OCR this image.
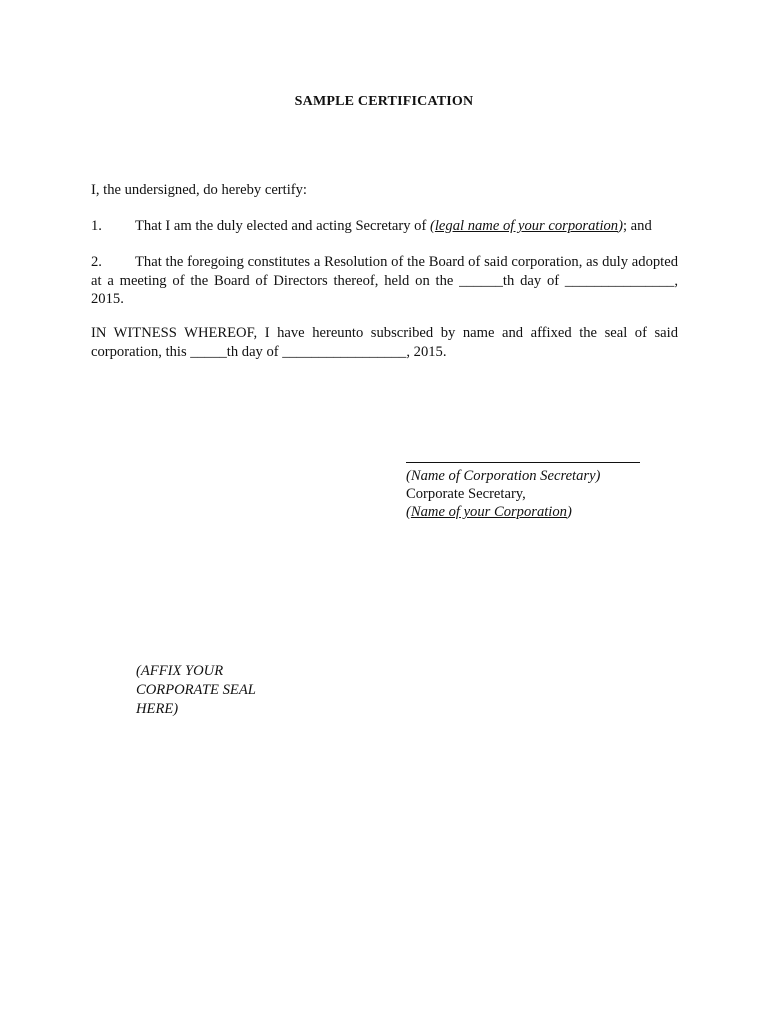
SAMPLE CERTIFICATION

I, the undersigned, do hereby certify:

1. That I am the duly elected and acting Secretary of (legal name of your corporation); and

2. That the foregoing constitutes a Resolution of the Board of said corporation, as duly adopted at a meeting of the Board of Directors thereof, held on the ______th day of _______________, 2015.

IN WITNESS WHEREOF, I have hereunto subscribed by name and affixed the seal of said corporation, this _____th day of _________________, 2015.

(Name of Corporation Secretary)
Corporate Secretary,
(Name of your Corporation)
(AFFIX YOUR
CORPORATE SEAL
HERE)
